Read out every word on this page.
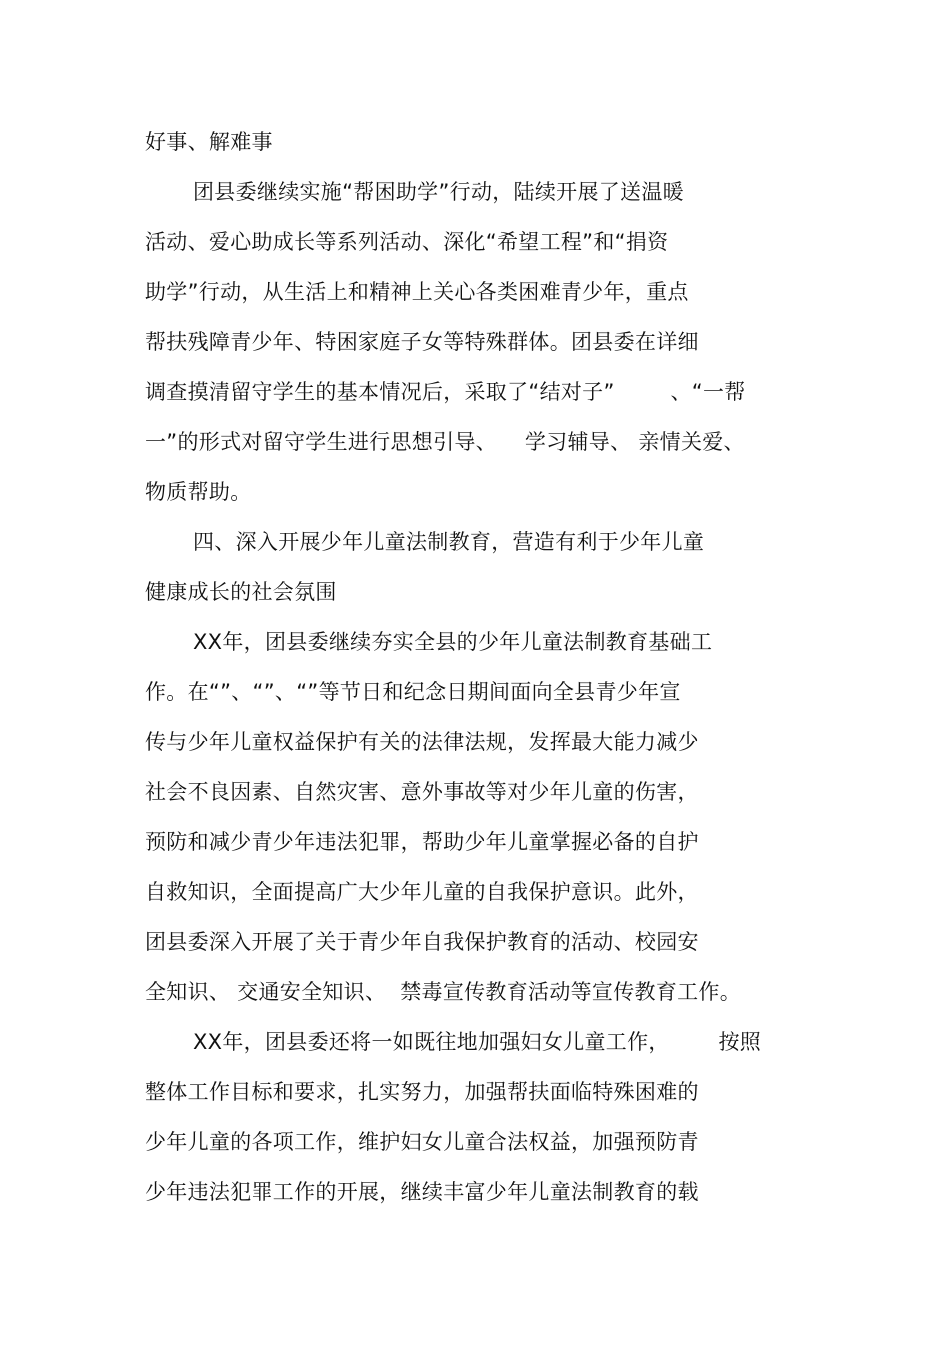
好事、解难事
团县委继续实施“帮困助学”行动，陆续开展了送温暖
活动、爱心助成长等系列活动、深化“希望工程”和“捐资
助学”行动，从生活上和精神上关心各类困难青少年，重点
帮扶残障青少年、特困家庭子女等特殊群体。团县委在详细
调查摸清留守学生的基本情况后，采取了“结对子”        、“一帮
一”的形式对留守学生进行思想引导、    学习辅导、 亲情关爱、
物质帮助。
四、深入开展少年儿童法制教育，营造有利于少年儿童
健康成长的社会氛围
XX年，团县委继续夯实全县的少年儿童法制教育基础工
作。在“”、“”、“”等节日和纪念日期间面向全县青少年宣
传与少年儿童权益保护有关的法律法规，发挥最大能力减少
社会不良因素、自然灾害、意外事故等对少年儿童的伤害，
预防和减少青少年违法犯罪，帮助少年儿童掌握必备的自护
自救知识，全面提高广大少年儿童的自我保护意识。此外，
团县委深入开展了关于青少年自我保护教育的活动、校园安
全知识、 交通安全知识、  禁毒宣传教育活动等宣传教育工作。
XX年，团县委还将一如既往地加强妇女儿童工作，       按照
整体工作目标和要求，扎实努力，加强帮扶面临特殊困难的
少年儿童的各项工作，维护妇女儿童合法权益，加强预防青
少年违法犯罪工作的开展，继续丰富少年儿童法制教育的载
